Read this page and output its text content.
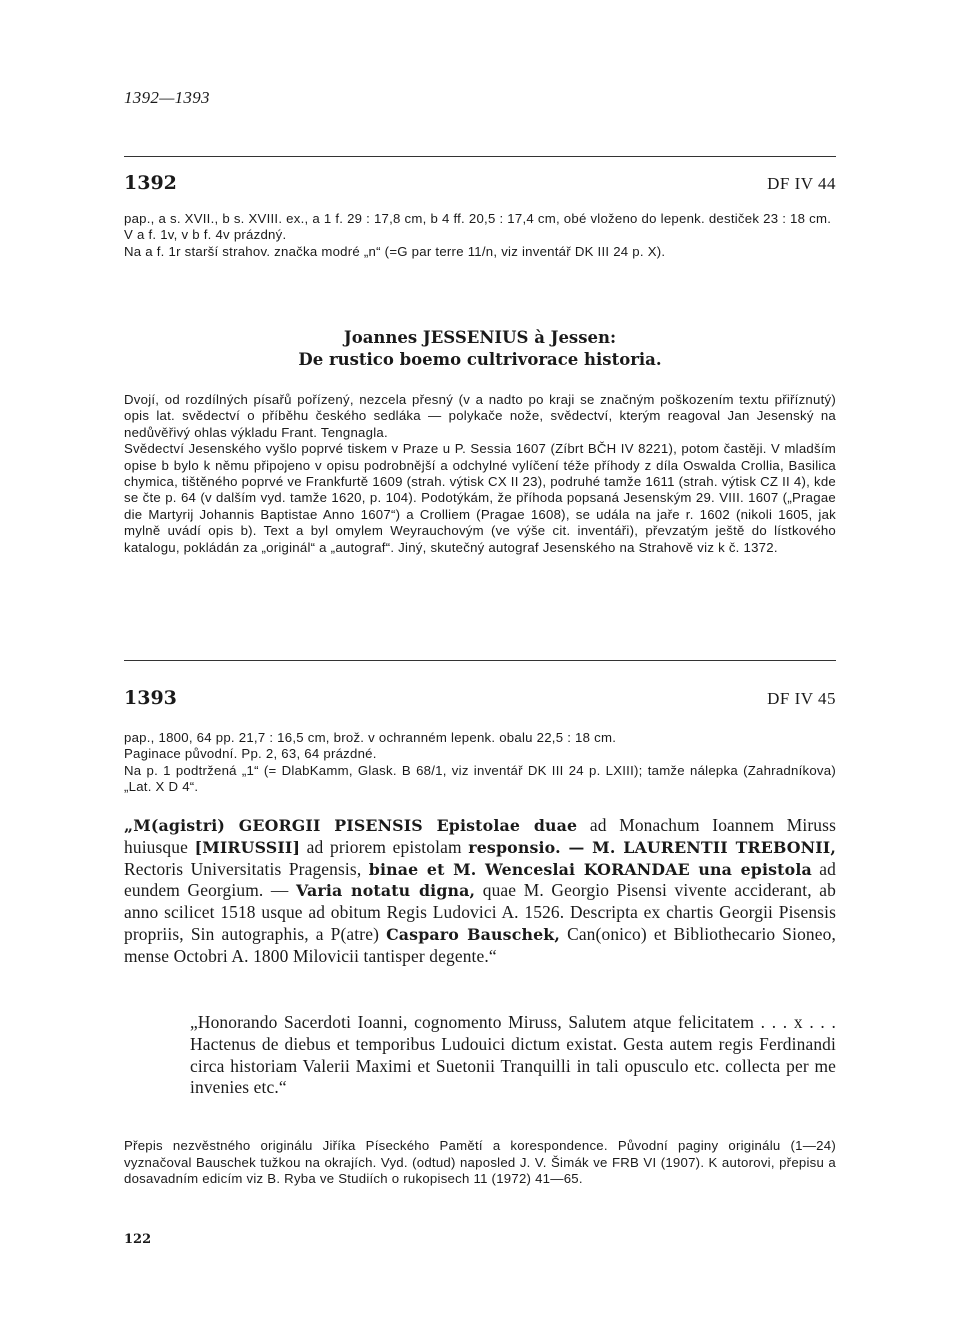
1392—1393
1392	DF IV 44

pap., a s. XVII., b s. XVIII. ex., a 1 f. 29 : 17,8 cm, b 4 ff. 20,5 : 17,4 cm, obé vloženo do lepenk. destiček 23 : 18 cm.

V a f. 1v, v b f. 4v prázdný.

Na a f. 1r starší strahov. značka modré „n“ (=G par terre 11/n, viz inventář DK III 24 p. X).

Joannes JESSENIUS à Jessen:
De rustico boemo cultrivorace historia.

Dvojí, od rozdílných písařů pořízený, nezcela přesný (v a nadto po kraji se značným poškozením textu přiříznutý) opis lat. svědectví o příběhu českého sedláka — polykače nože, svědectví, kterým reagoval Jan Jesenský na nedůvěřivý ohlas výkladu Frant. Tengnagla.

Svědectví Jesenského vyšlo poprvé tiskem v Praze u P. Sessia 1607 (Zíbrt BČH IV 8221), potom častěji. V mladším opise b bylo k němu připojeno v opisu podrobnější a odchylné vylíčení téže příhody z díla Oswalda Crollia, Basilica chymica, tištěného poprvé ve Frankfurtě 1609 (strah. výtisk CX II 23), podruhé tamže 1611 (strah. výtisk CZ II 4), kde se čte p. 64 (v dalším vyd. tamže 1620, p. 104). Podotýkám, že příhoda popsaná Jesenským 29. VIII. 1607 („Pragae die Martyrij Johannis Baptistae Anno 1607“) a Crolliem (Pragae 1608), se udála na jaře r. 1602 (nikoli 1605, jak mylně uvádí opis b). Text a byl omylem Weyrauchovým (ve výše cit. inventáři), převzatým ještě do lístkového katalogu, pokládán za „originál“ a „autograf“. Jiný, skutečný autograf Jesenského na Strahově viz k č. 1372.

1393	DF IV 45

pap., 1800, 64 pp. 21,7 : 16,5 cm, brož. v ochranném lepenk. obalu 22,5 : 18 cm.

Paginace původní. Pp. 2, 63, 64 prázdné.

Na p. 1 podtržená „1“ (= DlabKamm, Glask. B 68/1, viz inventář DK III 24 p. LXIII); tamže nálepka (Zahradníkova) „Lat. X D 4“.

„M(agistri) GEORGII PISENSIS Epistolae duae ad Monachum Ioannem Miruss huiusque [MIRUSSII] ad priorem epistolam responsio. — M. LAURENTII TREBONII, Rectoris Universitatis Pragensis, binae et M. Wenceslai KORANDAE una epistola ad eundem Georgium. — Varia notatu digna, quae M. Georgio Pisensi vivente acciderant, ab anno scilicet 1518 usque ad obitum Regis Ludovici A. 1526. Descripta ex chartis Georgii Pisensis propriis, Sin autographis, a P(atre) Casparo Bauschek, Can(onico) et Bibliothecario Sioneo, mense Octobri A. 1800 Milovicii tantisper degente.“
„Honorando Sacerdoti Ioanni, cognomento Miruss, Salutem atque felicitatem . . . x . . . Hactenus de diebus et temporibus Ludouici dictum existat. Gesta autem regis Ferdinandi circa historiam Valerii Maximi et Suetonii Tranquilli in tali opusculo etc. collecta per me invenies etc.“
Přepis nezvěstného originálu Jiříka Píseckého Pamětí a korespondence. Původní paginy originálu (1—24) vyznačoval Bauschek tužkou na okrajích. Vyd. (odtud) naposled J. V. Šimák ve FRB VI (1907). K autorovi, přepisu a dosavadním edicím viz B. Ryba ve Studiích o rukopisech 11 (1972) 41—65.
122
